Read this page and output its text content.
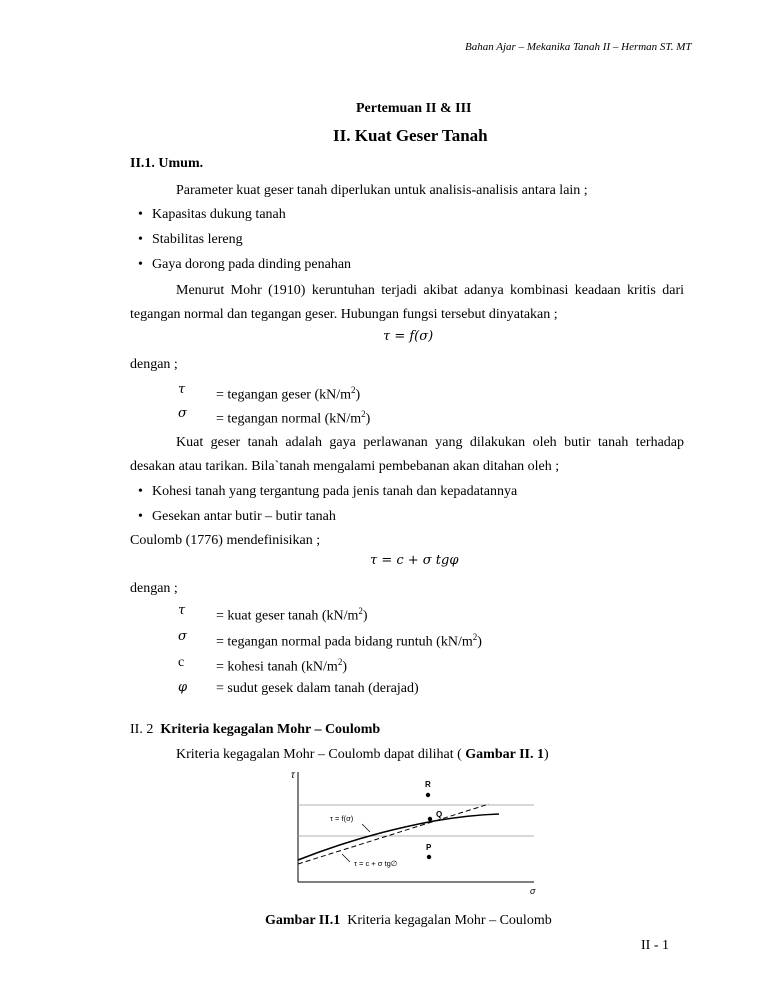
Bahan Ajar – Mekanika Tanah II – Herman ST. MT
Pertemuan II & III
II. Kuat Geser Tanah
II.1. Umum.
Parameter kuat geser tanah diperlukan untuk analisis-analisis antara lain ;
• Kapasitas dukung tanah
• Stabilitas lereng
• Gaya dorong pada dinding penahan
Menurut Mohr (1910) keruntuhan terjadi akibat adanya kombinasi keadaan kritis dari
tegangan normal dan tegangan geser. Hubungan fungsi tersebut dinyatakan ;
τ = f(σ)
dengan ;
τ = tegangan geser $(kN/m^2)$
σ = tegangan normal $(kN/m^2)$
Kuat geser tanah adalah gaya perlawanan yang dilakukan oleh butir tanah terhadap
desakan atau tarikan. Bila`tanah mengalami pembebanan akan ditahan oleh ;
• Kohesi tanah yang tergantung pada jenis tanah dan kepadatannya
• Gesekan antar butir – butir tanah
Coulomb (1776) mendefinisikan ;
τ = c + σ tgφ
dengan ;
τ = kuat geser tanah $(kN/m^2)$
σ = tegangan normal pada bidang runtuh $(kN/m^2)$
c = kohesi tanah $(kN/m^2)$
φ = sudut gesek dalam tanah (derajad)
II. 2 Kriteria kegagalan Mohr – Coulomb
Kriteria kegagalan Mohr – Coulomb dapat dilihat ( Gambar II. 1)
τ
σ
R
Q
P
τ = f(σ)
τ = c + σ tg∅
Gambar II.1 Kriteria kegagalan Mohr – Coulomb
II - 1
